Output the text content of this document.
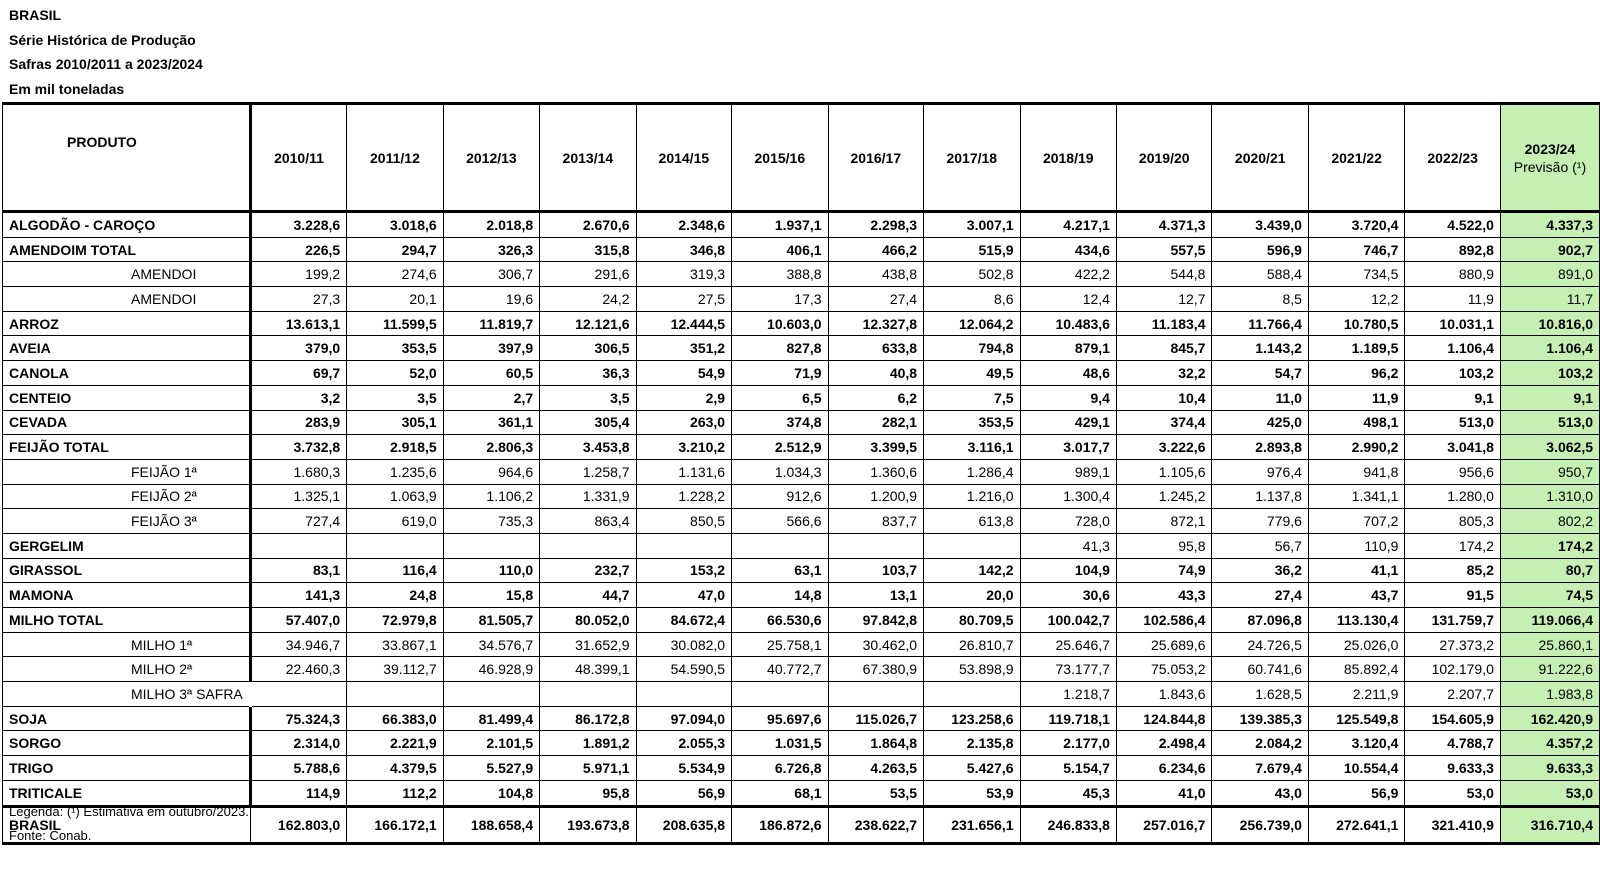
BRASIL
Série Histórica de Produção
Safras 2010/2011 a 2023/2024
Em mil toneladas
PRODUTO	2010/11	2011/12	2012/13	2013/14	2014/15	2015/16	2016/17	2017/18	2018/19	2019/20	2020/21	2021/22	2022/23	2023/24
Previsão (¹)

ALGODÃO - CAROÇO	3.228,6	3.018,6	2.018,8	2.670,6	2.348,6	1.937,1	2.298,3	3.007,1	4.217,1	4.371,3	3.439,0	3.720,4	4.522,0	4.337,3
AMENDOIM TOTAL	226,5	294,7	326,3	315,8	346,8	406,1	466,2	515,9	434,6	557,5	596,9	746,7	892,8	902,7
AMENDOI	199,2	274,6	306,7	291,6	319,3	388,8	438,8	502,8	422,2	544,8	588,4	734,5	880,9	891,0
AMENDOI	27,3	20,1	19,6	24,2	27,5	17,3	27,4	8,6	12,4	12,7	8,5	12,2	11,9	11,7
ARROZ	13.613,1	11.599,5	11.819,7	12.121,6	12.444,5	10.603,0	12.327,8	12.064,2	10.483,6	11.183,4	11.766,4	10.780,5	10.031,1	10.816,0
AVEIA	379,0	353,5	397,9	306,5	351,2	827,8	633,8	794,8	879,1	845,7	1.143,2	1.189,5	1.106,4	1.106,4
CANOLA	69,7	52,0	60,5	36,3	54,9	71,9	40,8	49,5	48,6	32,2	54,7	96,2	103,2	103,2
CENTEIO	3,2	3,5	2,7	3,5	2,9	6,5	6,2	7,5	9,4	10,4	11,0	11,9	9,1	9,1
CEVADA	283,9	305,1	361,1	305,4	263,0	374,8	282,1	353,5	429,1	374,4	425,0	498,1	513,0	513,0
FEIJÃO TOTAL	3.732,8	2.918,5	2.806,3	3.453,8	3.210,2	2.512,9	3.399,5	3.116,1	3.017,7	3.222,6	2.893,8	2.990,2	3.041,8	3.062,5
FEIJÃO 1ª	1.680,3	1.235,6	964,6	1.258,7	1.131,6	1.034,3	1.360,6	1.286,4	989,1	1.105,6	976,4	941,8	956,6	950,7
FEIJÃO 2ª	1.325,1	1.063,9	1.106,2	1.331,9	1.228,2	912,6	1.200,9	1.216,0	1.300,4	1.245,2	1.137,8	1.341,1	1.280,0	1.310,0
FEIJÃO 3ª	727,4	619,0	735,3	863,4	850,5	566,6	837,7	613,8	728,0	872,1	779,6	707,2	805,3	802,2
GERGELIM									41,3	95,8	56,7	110,9	174,2	174,2
GIRASSOL	83,1	116,4	110,0	232,7	153,2	63,1	103,7	142,2	104,9	74,9	36,2	41,1	85,2	80,7
MAMONA	141,3	24,8	15,8	44,7	47,0	14,8	13,1	20,0	30,6	43,3	27,4	43,7	91,5	74,5
MILHO TOTAL	57.407,0	72.979,8	81.505,7	80.052,0	84.672,4	66.530,6	97.842,8	80.709,5	100.042,7	102.586,4	87.096,8	113.130,4	131.759,7	119.066,4
MILHO 1ª	34.946,7	33.867,1	34.576,7	31.652,9	30.082,0	25.758,1	30.462,0	26.810,7	25.646,7	25.689,6	24.726,5	25.026,0	27.373,2	25.860,1
MILHO 2ª	22.460,3	39.112,7	46.928,9	48.399,1	54.590,5	40.772,7	67.380,9	53.898,9	73.177,7	75.053,2	60.741,6	85.892,4	102.179,0	91.222,6
MILHO 3ª SAFRA									1.218,7	1.843,6	1.628,5	2.211,9	2.207,7	1.983,8
SOJA	75.324,3	66.383,0	81.499,4	86.172,8	97.094,0	95.697,6	115.026,7	123.258,6	119.718,1	124.844,8	139.385,3	125.549,8	154.605,9	162.420,9
SORGO	2.314,0	2.221,9	2.101,5	1.891,2	2.055,3	1.031,5	1.864,8	2.135,8	2.177,0	2.498,4	2.084,2	3.120,4	4.788,7	4.357,2
TRIGO	5.788,6	4.379,5	5.527,9	5.971,1	5.534,9	6.726,8	4.263,5	5.427,6	5.154,7	6.234,6	7.679,4	10.554,4	9.633,3	9.633,3
TRITICALE	114,9	112,2	104,8	95,8	56,9	68,1	53,5	53,9	45,3	41,0	43,0	56,9	53,0	53,0
BRASIL	162.803,0	166.172,1	188.658,4	193.673,8	208.635,8	186.872,6	238.622,7	231.656,1	246.833,8	257.016,7	256.739,0	272.641,1	321.410,9	316.710,4
Legenda: (¹) Estimativa em outubro/2023.
Fonte: Conab.
